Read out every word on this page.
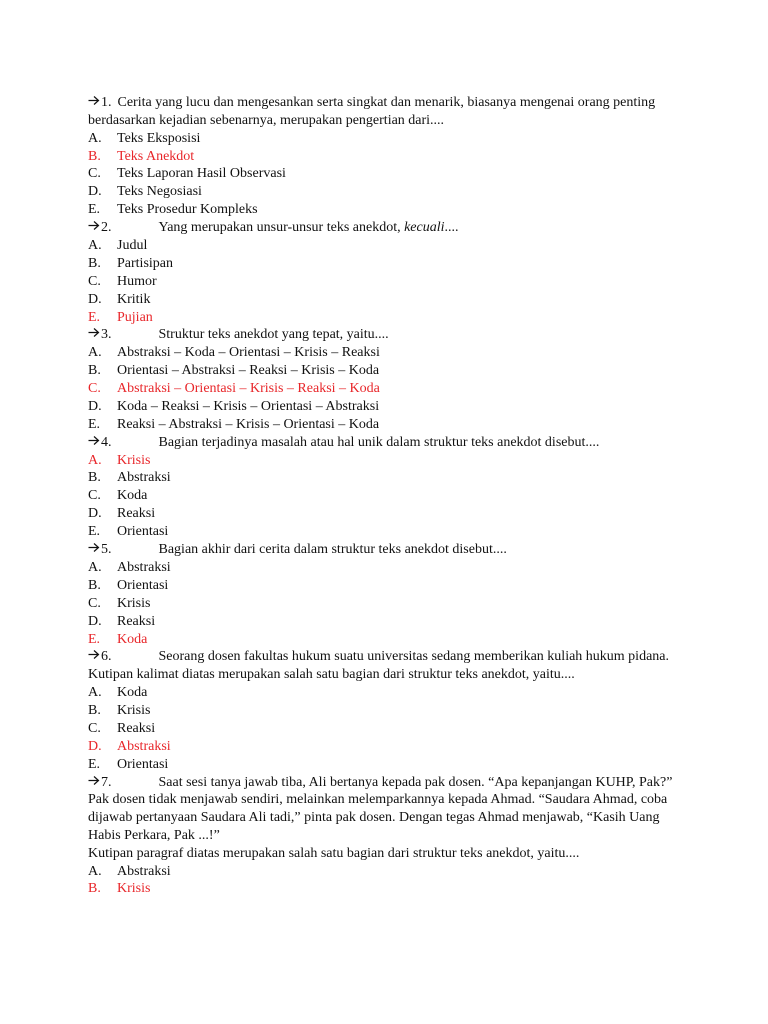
1. Cerita yang lucu dan mengesankan serta singkat dan menarik, biasanya mengenai orang penting berdasarkan kejadian sebenarnya, merupakan pengertian dari....
A. Teks Eksposisi
B. Teks Anekdot
C. Teks Laporan Hasil Observasi
D. Teks Negosiasi
E. Teks Prosedur Kompleks
2.	Yang merupakan unsur-unsur teks anekdot, kecuali....
A. Judul
B. Partisipan
C. Humor
D. Kritik
E. Pujian
3.	Struktur teks anekdot yang tepat, yaitu....
A. Abstraksi – Koda – Orientasi – Krisis – Reaksi
B. Orientasi – Abstraksi – Reaksi – Krisis – Koda
C. Abstraksi – Orientasi – Krisis – Reaksi – Koda
D. Koda – Reaksi – Krisis – Orientasi – Abstraksi
E. Reaksi – Abstraksi – Krisis – Orientasi – Koda
4.	Bagian terjadinya masalah atau hal unik dalam struktur teks anekdot disebut....
A. Krisis
B. Abstraksi
C. Koda
D. Reaksi
E. Orientasi
5.	Bagian akhir dari cerita dalam struktur teks anekdot disebut....
A. Abstraksi
B. Orientasi
C. Krisis
D. Reaksi
E. Koda
6.	Seorang dosen fakultas hukum suatu universitas sedang memberikan kuliah hukum pidana.
Kutipan kalimat diatas merupakan salah satu bagian dari struktur teks anekdot, yaitu....
A. Koda
B. Krisis
C. Reaksi
D. Abstraksi
E. Orientasi
7.	Saat sesi tanya jawab tiba, Ali bertanya kepada pak dosen. “Apa kepanjangan KUHP, Pak?” Pak dosen tidak menjawab sendiri, melainkan melemparkannya kepada Ahmad. “Saudara Ahmad, coba dijawab pertanyaan Saudara Ali tadi,” pinta pak dosen. Dengan tegas Ahmad menjawab, “Kasih Uang Habis Perkara, Pak ...!”
Kutipan paragraf diatas merupakan salah satu bagian dari struktur teks anekdot, yaitu....
A. Abstraksi
B. Krisis
